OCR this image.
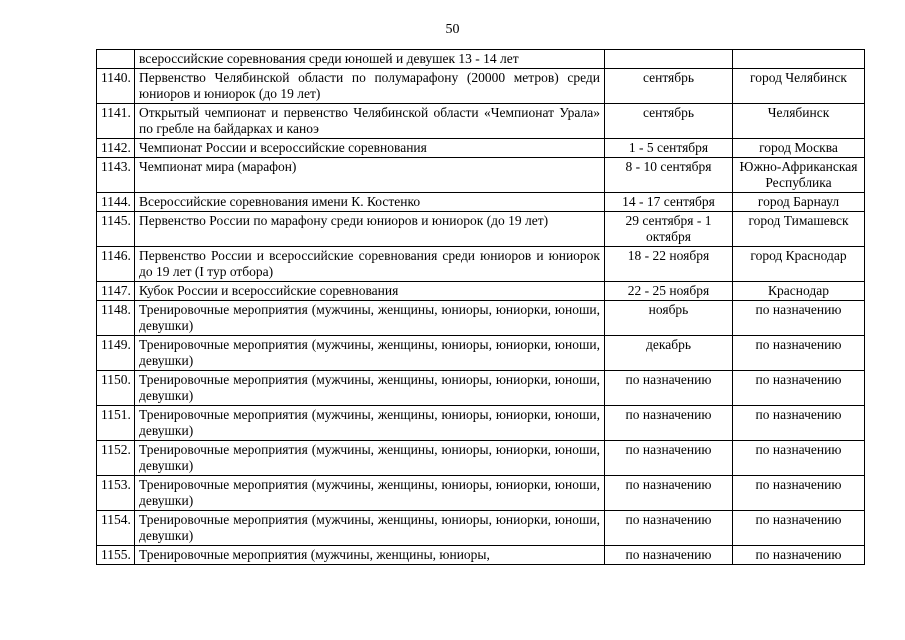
50
	всероссийские соревнования среди юношей и девушек 13 - 14 лет		
1140.	Первенство Челябинской области по полумарафону (20000 метров) среди юниоров и юниорок (до 19 лет)	сентябрь	город Челябинск
1141.	Открытый чемпионат и первенство Челябинской области «Чемпионат Урала» по гребле на байдарках и каноэ	сентябрь	Челябинск
1142.	Чемпионат России и всероссийские соревнования	1 - 5 сентября	город Москва
1143.	Чемпионат мира (марафон)	8 - 10 сентября	Южно-Африканская Республика
1144.	Всероссийские соревнования имени К. Костенко	14 - 17 сентября	город Барнаул
1145.	Первенство России по марафону среди юниоров и юниорок (до 19 лет)	29 сентября - 1 октября	город Тимашевск
1146.	Первенство России и всероссийские соревнования среди юниоров и юниорок до 19 лет (I тур отбора)	18 - 22 ноября	город Краснодар
1147.	Кубок России и всероссийские соревнования	22 - 25 ноября	Краснодар
1148.	Тренировочные мероприятия (мужчины, женщины, юниоры, юниорки, юноши, девушки)	ноябрь	по назначению
1149.	Тренировочные мероприятия (мужчины, женщины, юниоры, юниорки, юноши, девушки)	декабрь	по назначению
1150.	Тренировочные мероприятия (мужчины, женщины, юниоры, юниорки, юноши, девушки)	по назначению	по назначению
1151.	Тренировочные мероприятия (мужчины, женщины, юниоры, юниорки, юноши, девушки)	по назначению	по назначению
1152.	Тренировочные мероприятия (мужчины, женщины, юниоры, юниорки, юноши, девушки)	по назначению	по назначению
1153.	Тренировочные мероприятия (мужчины, женщины, юниоры, юниорки, юноши, девушки)	по назначению	по назначению
1154.	Тренировочные мероприятия (мужчины, женщины, юниоры, юниорки, юноши, девушки)	по назначению	по назначению
1155.	Тренировочные мероприятия (мужчины, женщины, юниоры,	по назначению	по назначению
